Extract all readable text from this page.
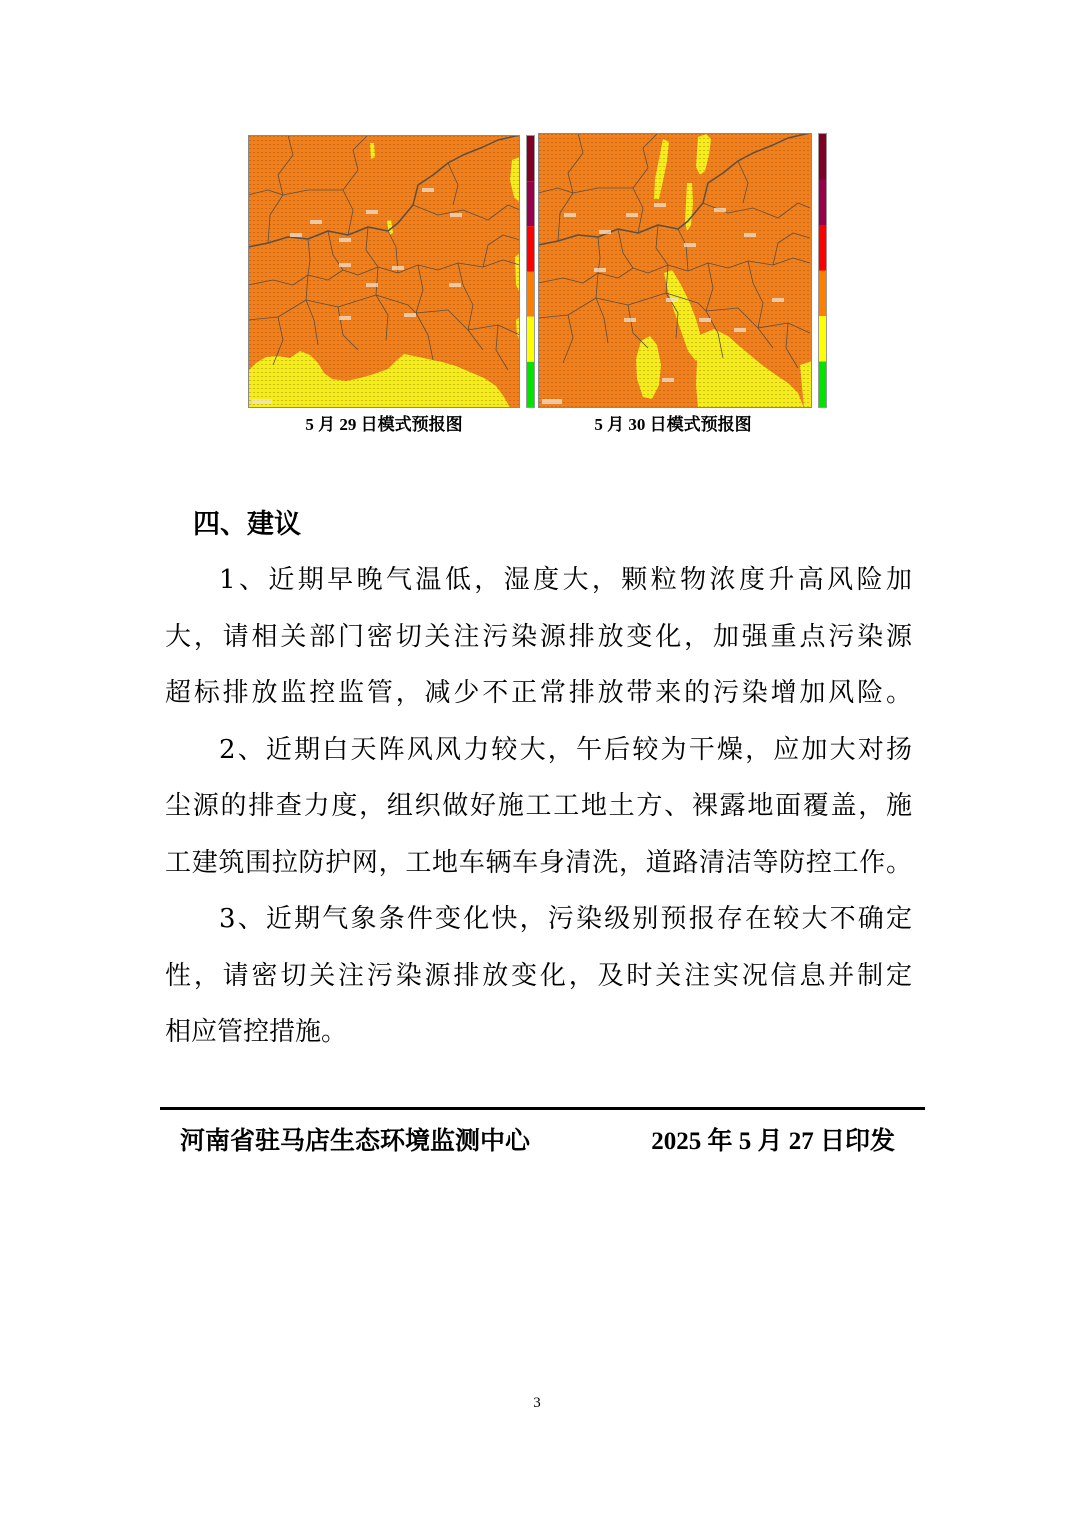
5 月 29 日模式预报图	5 月 30 日模式预报图
四、建议
1、近期早晚气温低，湿度大，颗粒物浓度升高风险加
大，请相关部门密切关注污染源排放变化，加强重点污染源
超标排放监控监管，减少不正常排放带来的污染增加风险。
2、近期白天阵风风力较大，午后较为干燥，应加大对扬
尘源的排查力度，组织做好施工工地土方、裸露地面覆盖，施
工建筑围拉防护网，工地车辆车身清洗，道路清洁等防控工作。
3、近期气象条件变化快，污染级别预报存在较大不确定
性，请密切关注污染源排放变化，及时关注实况信息并制定
相应管控措施。
河南省驻马店生态环境监测中心	2025 年 5 月 27 日印发
3
